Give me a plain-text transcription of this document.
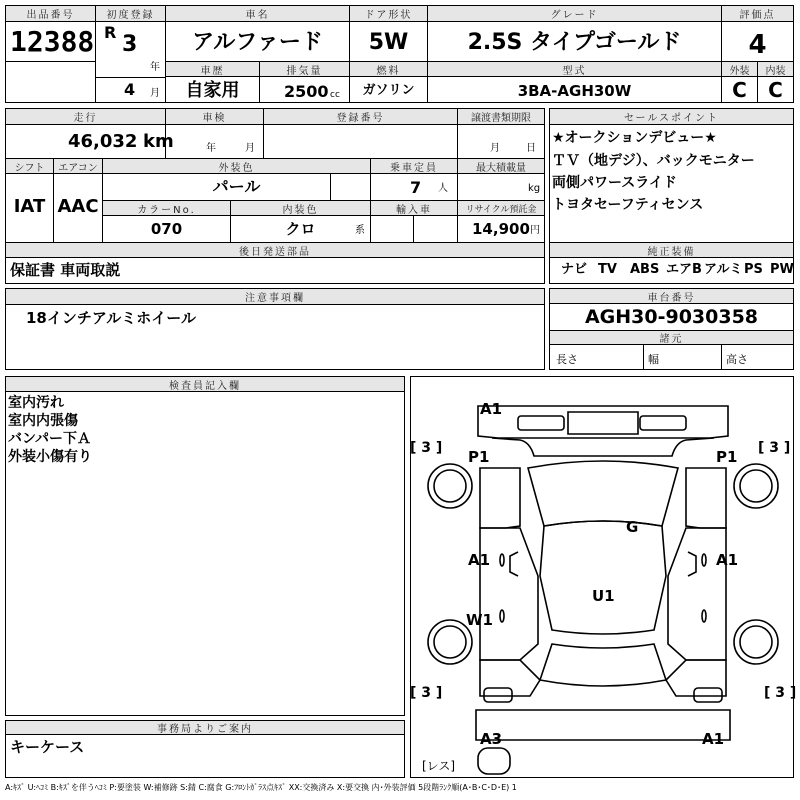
出品番号
12388
初度登録
R 3
年
4 月
車名
アルファード
ドア形状
5W
グレード
2.5S タイプゴールド
評価点
4
車歴
自家用
排気量
2500 cc
燃料
ガソリン
型式
3BA-AGH30W
外装	内装
C	C
走行
46,032 km
車検
年	月
登録番号	譲渡書類期限
月	日
シフト
IAT
エアコン
AAC
外装色
パール
乗車定員
7 人
最大積載量
kg
カラーNo.
070
内装色
クロ	系
輸入車	リサイクル預託金
14,900 円
後日発送部品
保証書 車両取説
セールスポイント
★オークションデビュー★
ＴＶ（地デジ）、バックモニター
両側パワースライド
トヨタセーフティセンス
純正装備
ナビ TV ABS エアB アルミ PS PW
注意事項欄
18インチアルミホイール
車台番号
AGH30-9030358
諸元
長さ	幅	高さ
検査員記入欄
室内汚れ
室内内張傷
バンパー下Ａ
外装小傷有り
事務局よりご案内
キーケース
A1
P1	P1
[ 3 ]	[ 3 ]
G
A1	A1
U1
W1
[ 3 ]	[ 3 ]
A3	A1
[レス]
A:ｷｽﾞ U:ﾍｺﾐ B:ｷｽﾞを伴うﾍｺﾐ P:要塗装 W:補修跡 S:錆 C:腐食 G:ﾌﾛﾝﾄｶﾞﾗｽ点ｷｽﾞ XX:交換済み X:要交換 内･外装評価 5段階ﾗﾝｸ順(A･B･C･D･E) 1
